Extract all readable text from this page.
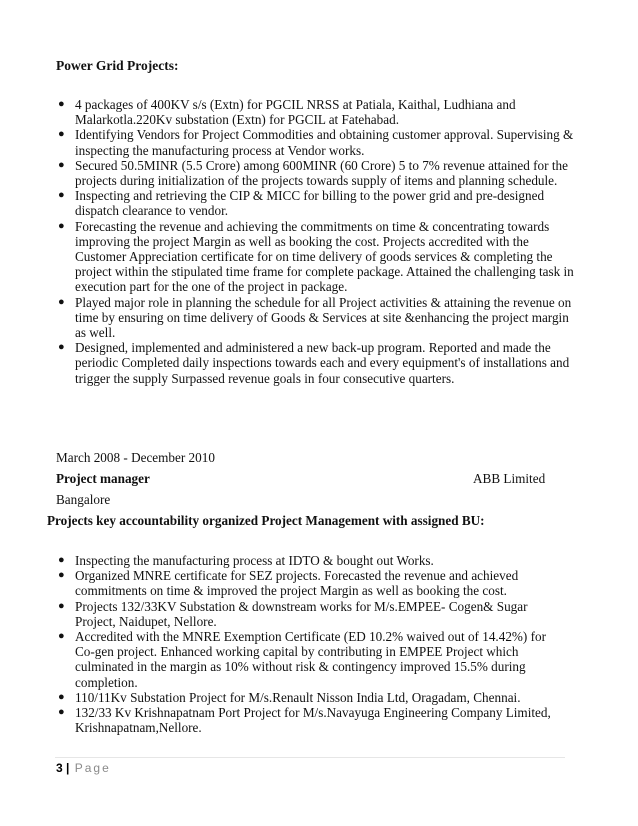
Power Grid Projects:
● 4 packages of 400KV s/s (Extn) for PGCIL NRSS at Patiala, Kaithal, Ludhiana and Malarkotla.220Kv substation (Extn) for PGCIL at Fatehabad.
● Identifying Vendors for Project Commodities and obtaining customer approval. Supervising & inspecting the manufacturing process at Vendor works.
● Secured 50.5MINR (5.5 Crore) among 600MINR (60 Crore) 5 to 7% revenue attained for the projects during initialization of the projects towards supply of items and planning schedule.
● Inspecting and retrieving the CIP & MICC for billing to the power grid and pre-designed dispatch clearance to vendor.
● Forecasting the revenue and achieving the commitments on time & concentrating towards improving the project Margin as well as booking the cost. Projects accredited with the Customer Appreciation certificate for on time delivery of goods services & completing the project within the stipulated time frame for complete package. Attained the challenging task in execution part for the one of the project in package.
● Played major role in planning the schedule for all Project activities & attaining the revenue on time by ensuring on time delivery of Goods & Services at site &enhancing the project margin as well.
● Designed, implemented and administered a new back-up program. Reported and made the periodic Completed daily inspections towards each and every equipment's of installations and trigger the supply Surpassed revenue goals in four consecutive quarters.
March 2008 - December 2010
Project manager	ABB Limited
Bangalore
Projects key accountability organized Project Management with assigned BU:
● Inspecting the manufacturing process at IDTO & bought out Works.
● Organized MNRE certificate for SEZ projects. Forecasted the revenue and achieved commitments on time & improved the project Margin as well as booking the cost.
● Projects 132/33KV Substation & downstream works for M/s.EMPEE- Cogen& Sugar Project, Naidupet, Nellore.
● Accredited with the MNRE Exemption Certificate (ED 10.2% waived out of 14.42%) for Co-gen project. Enhanced working capital by contributing in EMPEE Project which culminated in the margin as 10% without risk & contingency improved 15.5% during completion.
● 110/11Kv Substation Project for M/s.Renault Nisson India Ltd, Oragadam, Chennai.
● 132/33 Kv Krishnapatnam Port Project for M/s.Navayuga Engineering Company Limited, Krishnapatnam,Nellore.
3 | Page
